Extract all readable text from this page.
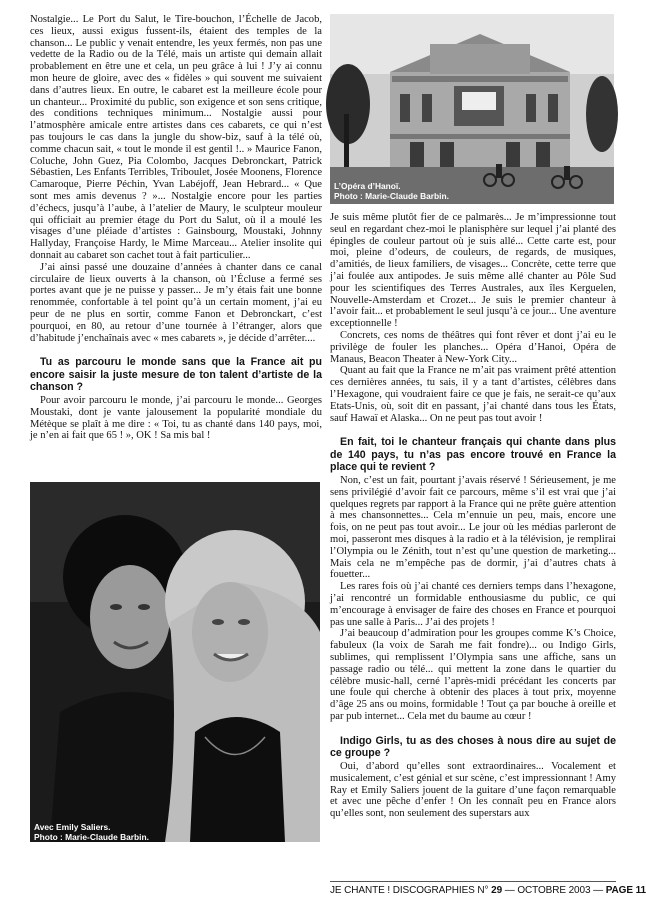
Nostalgie... Le Port du Salut, le Tire-bouchon, l’Échelle de Jacob, ces lieux, aussi exigus fussent-ils, étaient des temples de la chanson... Le public y venait entendre, les yeux fermés, non pas une vedette de la Radio ou de la Télé, mais un artiste qui demain allait probablement en être une et cela, un peu grâce à lui ! J’y ai connu mon heure de gloire, avec des « fidèles » qui souvent me suivaient dans d’autres lieux. En outre, le cabaret est la meilleure école pour un chanteur... Proximité du public, son exigence et son sens critique, des conditions techniques minimum... Nostalgie aussi pour l’atmosphère amicale entre artistes dans ces cabarets, ce qui n’est pas toujours le cas dans la jungle du show-biz, sauf à la télé où, comme chacun sait, « tout le monde il est gentil !.. » Maurice Fanon, Coluche, John Guez, Pia Colombo, Jacques Debronckart, Patrick Sébastien, Les Enfants Terribles, Triboulet, Josée Moonens, Florence Camaroque, Pierre Péchin, Yvan Labéjoff, Jean Hebrard... « Que sont mes amis devenus ? »... Nostalgie encore pour les parties d’échecs, jusqu’à l’aube, à l’atelier de Maury, le sculpteur mouleur qui officiait au premier étage du Port du Salut, où il a moulé les visages d’une pléiade d’artistes : Gainsbourg, Moustaki, Johnny Hallyday, Françoise Hardy, le Mime Marceau... Atelier insolite qui donnait au cabaret son cachet tout à fait particulier...

J’ai ainsi passé une douzaine d’années à chanter dans ce canal circulaire de lieux ouverts à la chanson, où l’Écluse a fermé ses portes avant que je ne puisse y passer... Je m’y étais fait une bonne renommée, confortable à tel point qu’à un certain moment, j’ai eu peur de ne plus en sortir, comme Fanon et Debronckart, c’est pourquoi, en 80, au retour d’une tournée à l’étranger, alors que d’habitude j’enchaînais avec « mes cabarets », je décide d’arrêter....

Tu as parcouru le monde sans que la France ait pu encore saisir la juste mesure de ton talent d’artiste de la chanson ?

Pour avoir parcouru le monde, j’ai parcouru le monde... Georges Moustaki, dont je vante jalousement la popularité mondiale du Métèque se plaît à me dire : « Toi, tu as chanté dans 140 pays, moi, je n’en ai fait que 65 ! », OK ! Sa mis bal !

L’Opéra d’Hanoï.
Photo : Marie-Claude Barbin.
Avec Emily Saliers.
Photo : Marie-Claude Barbin.

Je suis même plutôt fier de ce palmarès... Je m’impressionne tout seul en regardant chez-moi le planisphère sur lequel j’ai planté des épingles de couleur partout où je suis allé... Cette carte est, pour moi, pleine d’odeurs, de couleurs, de regards, de musiques, d’amitiés, de lieux familiers, de visages... Concrète, cette terre que j’ai foulée aux antipodes. Je suis même allé chanter au Pôle Sud pour les scientifiques des Terres Australes, aux îles Kerguelen, Nouvelle-Amsterdam et Crozet... Je suis le premier chanteur à l’avoir fait... et probablement le seul jusqu’à ce jour... Une aventure exceptionnelle !

Concrets, ces noms de théâtres qui font rêver et dont j’ai eu le privilège de fouler les planches... Opéra d’Hanoi, Opéra de Manaus, Beacon Theater à New-York City...

Quant au fait que la France ne m’ait pas vraiment prêté attention ces dernières années, tu sais, il y a tant d’artistes, célèbres dans l’Hexagone, qui voudraient faire ce que je fais, ne serait-ce qu’aux Etats-Unis, où, soit dit en passant, j’ai chanté dans tous les États, sauf Hawaï et Alaska... On ne peut pas tout avoir !

En fait, toi le chanteur français qui chante dans plus de 140 pays, tu n’as pas encore trouvé en France la place qui te revient ?

Non, c’est un fait, pourtant j’avais réservé ! Sérieusement, je me sens privilégié d’avoir fait ce parcours, même s’il est vrai que j’ai quelques regrets par rapport à la France qui ne prête guère attention à mes chansonnettes... Cela m’ennuie un peu, mais, encore une fois, on ne peut pas tout avoir... Le jour où les médias parleront de moi, passeront mes disques à la radio et à la télévision, je remplirai l’Olympia ou le Zénith, tout n’est qu’une question de marketing... Mais cela ne m’empêche pas de dormir, j’ai d’autres chats à fouetter...

Les rares fois où j’ai chanté ces derniers temps dans l’hexagone, j’ai rencontré un formidable enthousiasme du public, ce qui m’encourage à envisager de faire des choses en France et pourquoi pas une salle à Paris... J’ai des projets !

J’ai beaucoup d’admiration pour les groupes comme K’s Choice, fabuleux (la voix de Sarah me fait fondre)... ou Indigo Girls, sublimes, qui remplissent l’Olympia sans une affiche, sans un passage radio ou télé... qui mettent la zone dans le quartier du célèbre music-hall, cerné l’après-midi précédant les concerts par une foule qui cherche à obtenir des places à tout prix, moyenne d’âge 25 ans ou moins, formidable ! Tout ça par bouche à oreille et par pub internet... Cela met du baume au cœur !

Indigo Girls, tu as des choses à nous dire au sujet de ce groupe ?

Oui, d’abord qu’elles sont extraordinaires... Vocalement et musicalement, c’est génial et sur scène, c’est impressionnant ! Amy Ray et Emily Saliers jouent de la guitare d’une façon remarquable et avec une pêche d’enfer ! On les connaît peu en France alors qu’elles sont, non seulement des superstars aux

JE CHANTE ! DISCOGRAPHIES N° 29 — OCTOBRE 2003 — PAGE 11
